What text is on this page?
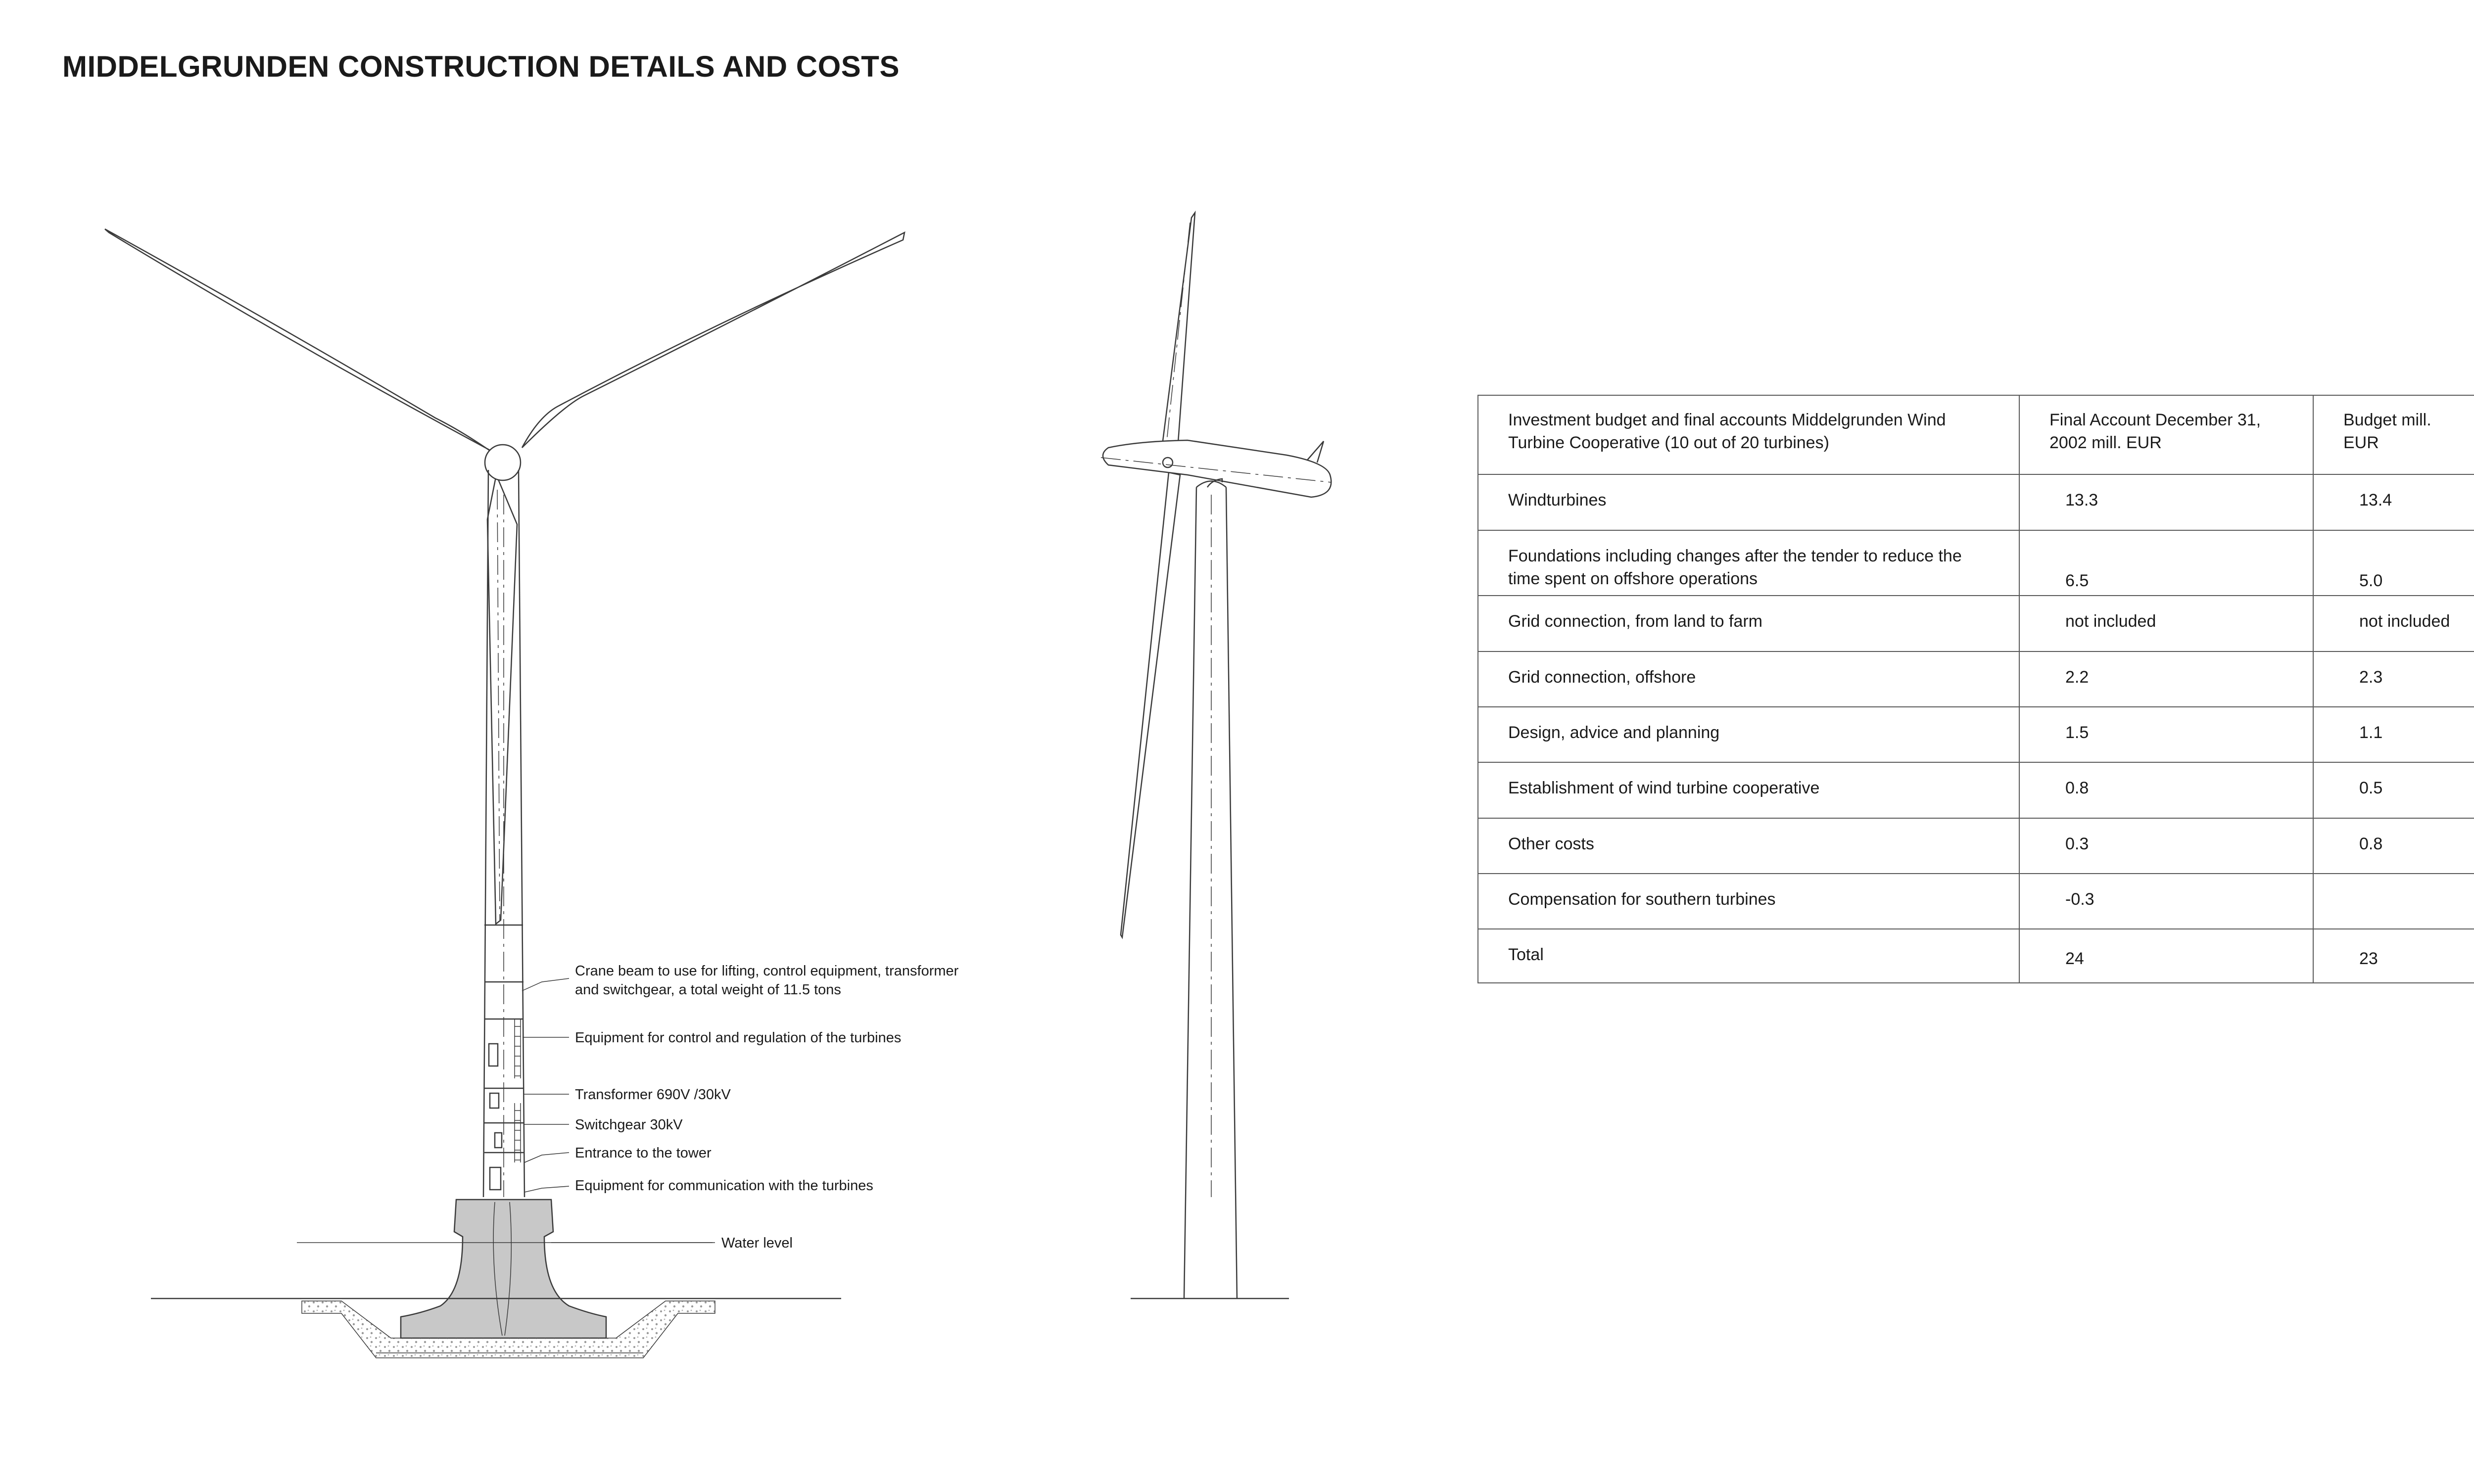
MIDDELGRUNDEN CONSTRUCTION DETAILS AND COSTS
Crane beam to use for lifting, control equipment, transformer
and switchgear, a total weight of 11.5 tons
Equipment for control and regulation of the turbines
Transformer 690V /30kV
Switchgear 30kV
Entrance to the tower
Equipment for communication with the turbines
Water level
Investment budget and final accounts Middelgrunden Wind Turbine Cooperative (10 out of 20 turbines)	Final Account December 31, 2002 mill. EUR	Budget mill. EUR

Windturbines	13.3	13.4

Foundations including changes after the tender to reduce the time spent on offshore operations	6.5	5.0

Grid connection, from land to farm	not included	not included

Grid connection, offshore	2.2	2.3

Design, advice and planning	1.5	1.1

Establishment of wind turbine cooperative	0.8	0.5

Other costs	0.3	0.8

Compensation for southern turbines	-0.3	

Total	24	23
